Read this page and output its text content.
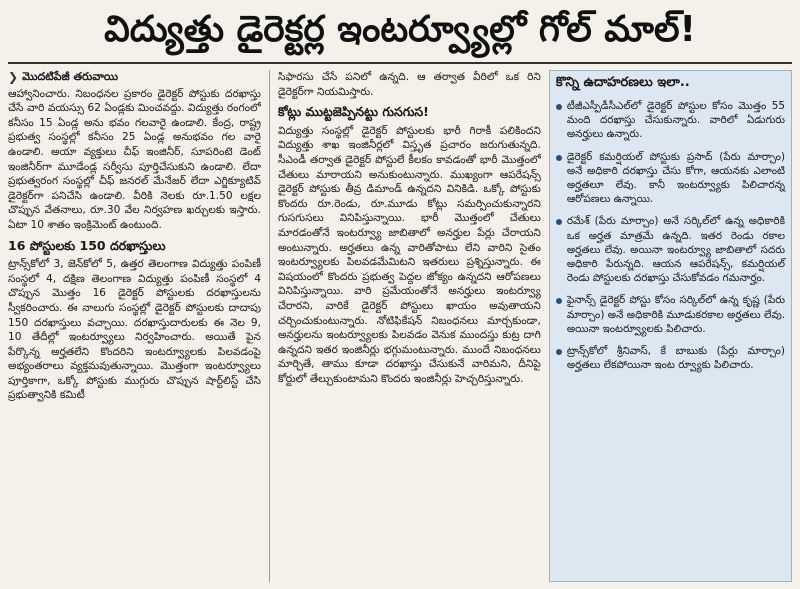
విద్యుత్తు డైరెక్టర్ల ఇంటర్వ్యూల్లో గోల్ మాల్!
❯ మొదటిపేజీ తరువాయి

ఆహ్వానించారు. నిబంధనల ప్రకారం డైరెక్టర్ పోస్టుకు దరఖాస్తు చేసే వారి వయస్సు 62 ఏండ్లకు మించవద్దు. విద్యుత్తు రంగంలో కనీసం 15 ఏండ్ల అను భవం గలవారై ఉండాలి. కేంద్ర, రాష్ట్ర ప్రభుత్వ సంస్థల్లో కనీసం 25 ఏండ్ల అనుభవం గల వారై ఉండాలి. అయా వ్యక్తులు చీఫ్ ఇంజినీర్, సూపరింటె డెంట్ ఇంజినీర్‌గా మూడేండ్ల సర్వీసు పూర్తిచేసుకుని ఉండాలి. లేదా ప్రభుత్వరంగ సంస్థల్లో చీఫ్ జనరల్ మేనేజర్ లేదా ఎగ్జిక్యూటివ్ డైరెక్టర్‌గా పనిచేసి ఉండాలి. వీరికి నెలకు రూ.1.50 లక్షల చొప్పున వేతనాలు, రూ.30 వేల నిర్వహణ ఖర్చులకు ఇస్తారు. ఏటా 10 శాతం ఇంక్రిమెంట్ ఉంటుంది.

16 పోస్టులకు 150 దరఖాస్తులు

ట్రాన్స్‌కోలో 3, జెన్‌కోలో 5, ఉత్తర తెలంగాణ విద్యుత్తు పంపిణీ సంస్థలో 4, దక్షిణ తెలంగాణ విద్యుత్తు పంపిణీ సంస్థలో 4 చొప్పున మొత్తం 16 డైరెక్టర్ పోస్టులకు దరఖాస్తులను స్వీకరించారు. ఈ నాలుగు సంస్థల్లో డైరెక్టర్ పోస్టులకు దాదాపు 150 దరఖాస్తులు వచ్చాయి. దరఖాస్తుదారులకు ఈ నెల 9, 10 తేదీల్లో ఇంటర్వ్యూలు నిర్వహించారు. అయితే పైన పేర్కొన్న అర్హతలేని కొందరిని ఇంటర్వ్యూలకు పిలవడంపై అభ్యంతరాలు వ్యక్తమవుతున్నాయి. మొత్తంగా ఇంటర్వ్యూలు పూర్తికాగా, ఒక్కో పోస్టుకు ముగ్గురు చొప్పున షార్ట్‌లిస్ట్ చేసి ప్రభుత్వానికి కమిటీ

సిఫారసు చేసే పనిలో ఉన్నది. ఆ తర్వాత వీరిలో ఒక రిని డైరెక్టర్‌గా నియమిస్తారు.

కోట్లు ముట్టజెప్పినట్టు గుసగుస!

విద్యుత్తు సంస్థల్లో డైరెక్టర్ పోస్టులకు భారీ గిరాకీ పలికిందని విద్యుత్తు శాఖ ఇంజినీర్లలో విస్తృత ప్రచారం జరుగుతున్నది. సీఎండీ తర్వాత డైరెక్టర్ పోస్టులే కీలకం కావడంతో భారీ మొత్తంలో చేతులు మారాయని అనుకుంటున్నారు. ముఖ్యంగా ఆపరేషన్స్ డైరెక్టర్ పోస్టుకు తీవ్ర డిమాండ్ ఉన్నదని వినికిడి. ఒక్కో పోస్టుకు కొందరు రూ.రెండు, రూ.మూడు కోట్లు సమర్పించుకున్నారని గుసగుసలు వినిపిస్తున్నాయి. భారీ మొత్తంలో చేతులు మారడంతోనే ఇంటర్వ్యూ జాబితాలో అనర్హుల పేర్లు చేరాయని అంటున్నారు. అర్హతలు ఉన్న వారితోపాటు లేని వారిని సైతం ఇంటర్వ్యూలకు పిలవడమేమిటని ఇతరులు ప్రశ్నిస్తున్నారు. ఈ విషయంలో కొందరు ప్రభుత్వ పెద్దల జోక్యం ఉన్నదని ఆరోపణలు వినిపిస్తున్నాయి. వారి ప్రమేయంతోనే అనర్హులు ఇంటర్వ్యూ చేరారని, వారికే డైరెక్టర్ పోస్టులు ఖాయం అవుతాయని చర్చించుకుంటున్నారు. నోటిఫికేషన్ నిబంధనలు మార్చకుండా, అనర్హులను ఇంటర్వ్యూలకు పిలవడం వెనుక ముందస్తు కుట్ర దాగి ఉన్నదని ఇతర ఇంజినీర్లు భగ్గుమంటున్నారు. ముందే నిబంధనలు మార్చితే, తాము కూడా దరఖాస్తు చేసుకునే వారిమని, దీనిపై కోర్టులో తేల్చుకుంటామని కొందరు ఇంజినీర్లు హెచ్చరిస్తున్నారు.

కొన్ని ఉదాహరణలు ఇలా..
టీజీఎస్పీడీసీఎల్‌లో డైరెక్టర్ పోస్టుల కోసం మొత్తం 55 మంది దరఖాస్తు చేసుకున్నారు. వారిలో ఏడుగురు అనర్హులు ఉన్నారు.
డైరెక్టర్ కమర్షియల్ పోస్టుకు ప్రసాద్ (పేరు మార్చాం) అనే అధికారి దరఖాస్తు చేసు కోగా, ఆయనకు ఎలాంటి అర్హతలూ లేవు. కానీ ఇంటర్వ్యూకు పిలిచారన్న ఆరోపణలు ఉన్నాయి.
రమేశ్ (పేరు మార్చాం) అనే సర్కిల్‌లో ఉన్న అధికారికి ఒక అర్హత మాత్రమే ఉన్నది. ఇతర రెండు రకాల అర్హతలు లేవు. అయినా ఇంటర్వ్యూ జాబితాలో సదరు అధికారి పేరున్నది. ఆయన ఆపరేషన్స్, కమర్షియల్ రెండు పోస్టులకు దరఖాస్తు చేసుకోవడం గమనార్హం.
ఫైనాన్స్ డైరెక్టర్ పోస్టు కోసం సర్కిల్‌లో ఉన్న కృష్ణ (పేరు మార్చాం) అనే అధికారికి మూడుకరకాల అర్హతలు లేవు. అయినా ఇంటర్వ్యూలకు పిలిచారు.
ట్రాన్స్‌కోలో శ్రీనివాస్, కే బాబుకు (పేర్లు మార్చాం) అర్హతలు లేకపోయినా ఇంట ర్వ్యూకు పిలిచారు.
